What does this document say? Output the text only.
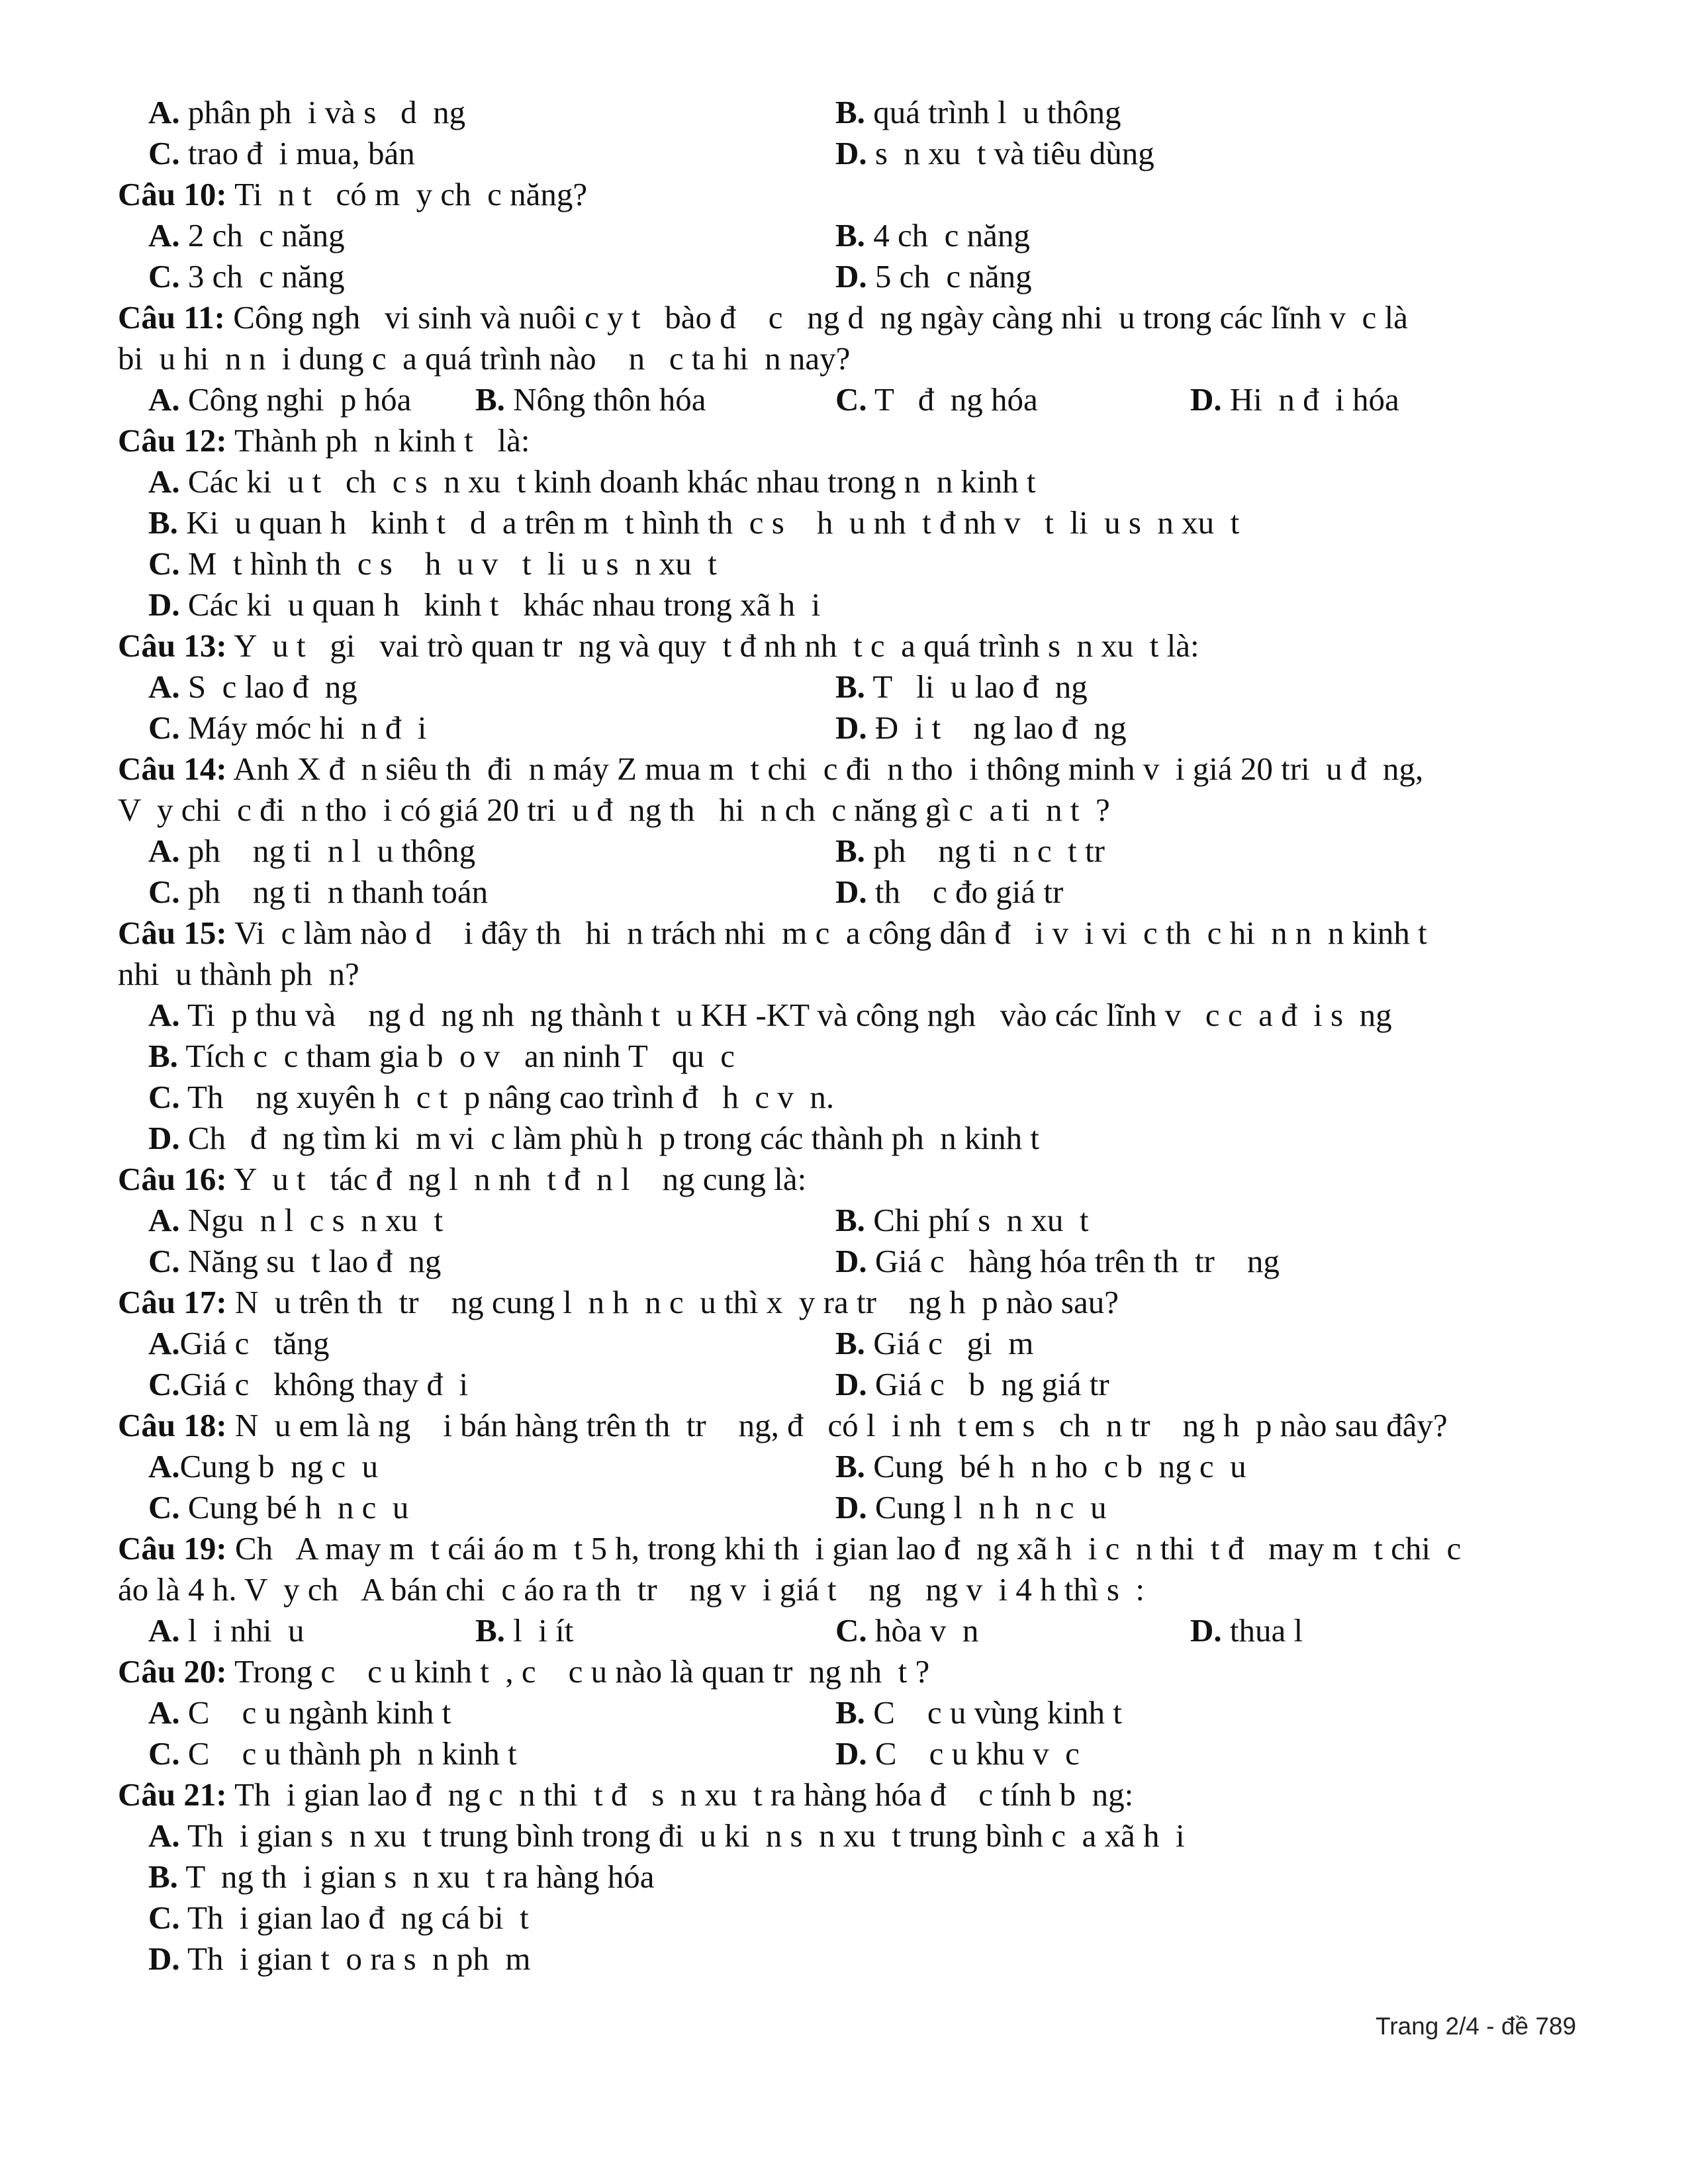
A. phân ph  i và s   d  ng	B. quá trình l  u thông
C. trao đ  i mua, bán	D. s  n xu  t và tiêu dùng
Câu 10: Ti  n t   có m  y ch  c năng?
A. 2 ch  c năng	B. 4 ch  c năng
C. 3 ch  c năng	D. 5 ch  c năng
Câu 11: Công ngh   vi sinh và nuôi c y t   bào đ    c   ng d  ng ngày càng nhi  u trong các lĩnh v  c là
bi  u hi  n n  i dung c  a quá trình nào    n   c ta hi  n nay?
A. Công nghi  p hóa B. Nông thôn hóa	C. T   đ  ng hóa	D. Hi  n đ  i hóa
Câu 12: Thành ph  n kinh t   là:
A. Các ki  u t   ch  c s  n xu  t kinh doanh khác nhau trong n  n kinh t
B. Ki  u quan h   kinh t   d  a trên m  t hình th  c s    h  u nh  t đ nh v   t  li  u s  n xu  t
C. M  t hình th  c s    h  u v   t  li  u s  n xu  t
D. Các ki  u quan h   kinh t   khác nhau trong xã h  i
Câu 13: Y  u t   gi   vai trò quan tr  ng và quy  t đ nh nh  t c  a quá trình s  n xu  t là:
A. S  c lao đ  ng	B. T   li  u lao đ  ng
C. Máy móc hi  n đ  i	D. Đ  i t    ng lao đ  ng
Câu 14: Anh X đ  n siêu th  đi  n máy Z mua m  t chi  c đi  n tho  i thông minh v  i giá 20 tri  u đ  ng,
V  y chi  c đi  n tho  i có giá 20 tri  u đ  ng th   hi  n ch  c năng gì c  a ti  n t  ?
A. ph    ng ti  n l  u thông	B. ph    ng ti  n c  t tr
C. ph    ng ti  n thanh toán	D. th    c đo giá tr
Câu 15: Vi  c làm nào d    i đây th   hi  n trách nhi  m c  a công dân đ   i v  i vi  c th  c hi  n n  n kinh t
nhi  u thành ph  n?
A. Ti  p thu và    ng d  ng nh  ng thành t  u KH -KT và công ngh   vào các lĩnh v   c c  a đ  i s  ng
B. Tích c  c tham gia b  o v   an ninh T   qu  c
C. Th    ng xuyên h  c t  p nâng cao trình đ   h  c v  n.
D. Ch   đ  ng tìm ki  m vi  c làm phù h  p trong các thành ph  n kinh t
Câu 16: Y  u t   tác đ  ng l  n nh  t đ  n l    ng cung là:
A. Ngu  n l  c s  n xu  t	B. Chi phí s  n xu  t
C. Năng su  t lao đ  ng	D. Giá c   hàng hóa trên th  tr    ng
Câu 17: N  u trên th  tr    ng cung l  n h  n c  u thì x  y ra tr    ng h  p nào sau?
A.Giá c   tăng	B. Giá c   gi  m
C.Giá c   không thay đ  i	D. Giá c   b  ng giá tr
Câu 18: N  u em là ng    i bán hàng trên th  tr    ng, đ   có l  i nh  t em s   ch  n tr    ng h  p nào sau đây?
A.Cung b  ng c  u	B. Cung  bé h  n ho  c b  ng c  u
C. Cung bé h  n c  u	D. Cung l  n h  n c  u
Câu 19: Ch   A may m  t cái áo m  t 5 h, trong khi th  i gian lao đ  ng xã h  i c  n thi  t đ   may m  t chi  c
áo là 4 h. V  y ch   A bán chi  c áo ra th  tr    ng v  i giá t    ng   ng v  i 4 h thì s  :
A. l  i nhi  u	B. l  i ít	C. hòa v  n	D. thua l
Câu 20: Trong c    c u kinh t  , c    c u nào là quan tr  ng nh  t ?
A. C    c u ngành kinh t	B. C    c u vùng kinh t
C. C    c u thành ph  n kinh t	D. C    c u khu v  c
Câu 21: Th  i gian lao đ  ng c  n thi  t đ   s  n xu  t ra hàng hóa đ    c tính b  ng:
A. Th  i gian s  n xu  t trung bình trong đi  u ki  n s  n xu  t trung bình c  a xã h  i
B. T  ng th  i gian s  n xu  t ra hàng hóa
C. Th  i gian lao đ  ng cá bi  t
D. Th  i gian t  o ra s  n ph  m
Trang 2/4 - đề 789
